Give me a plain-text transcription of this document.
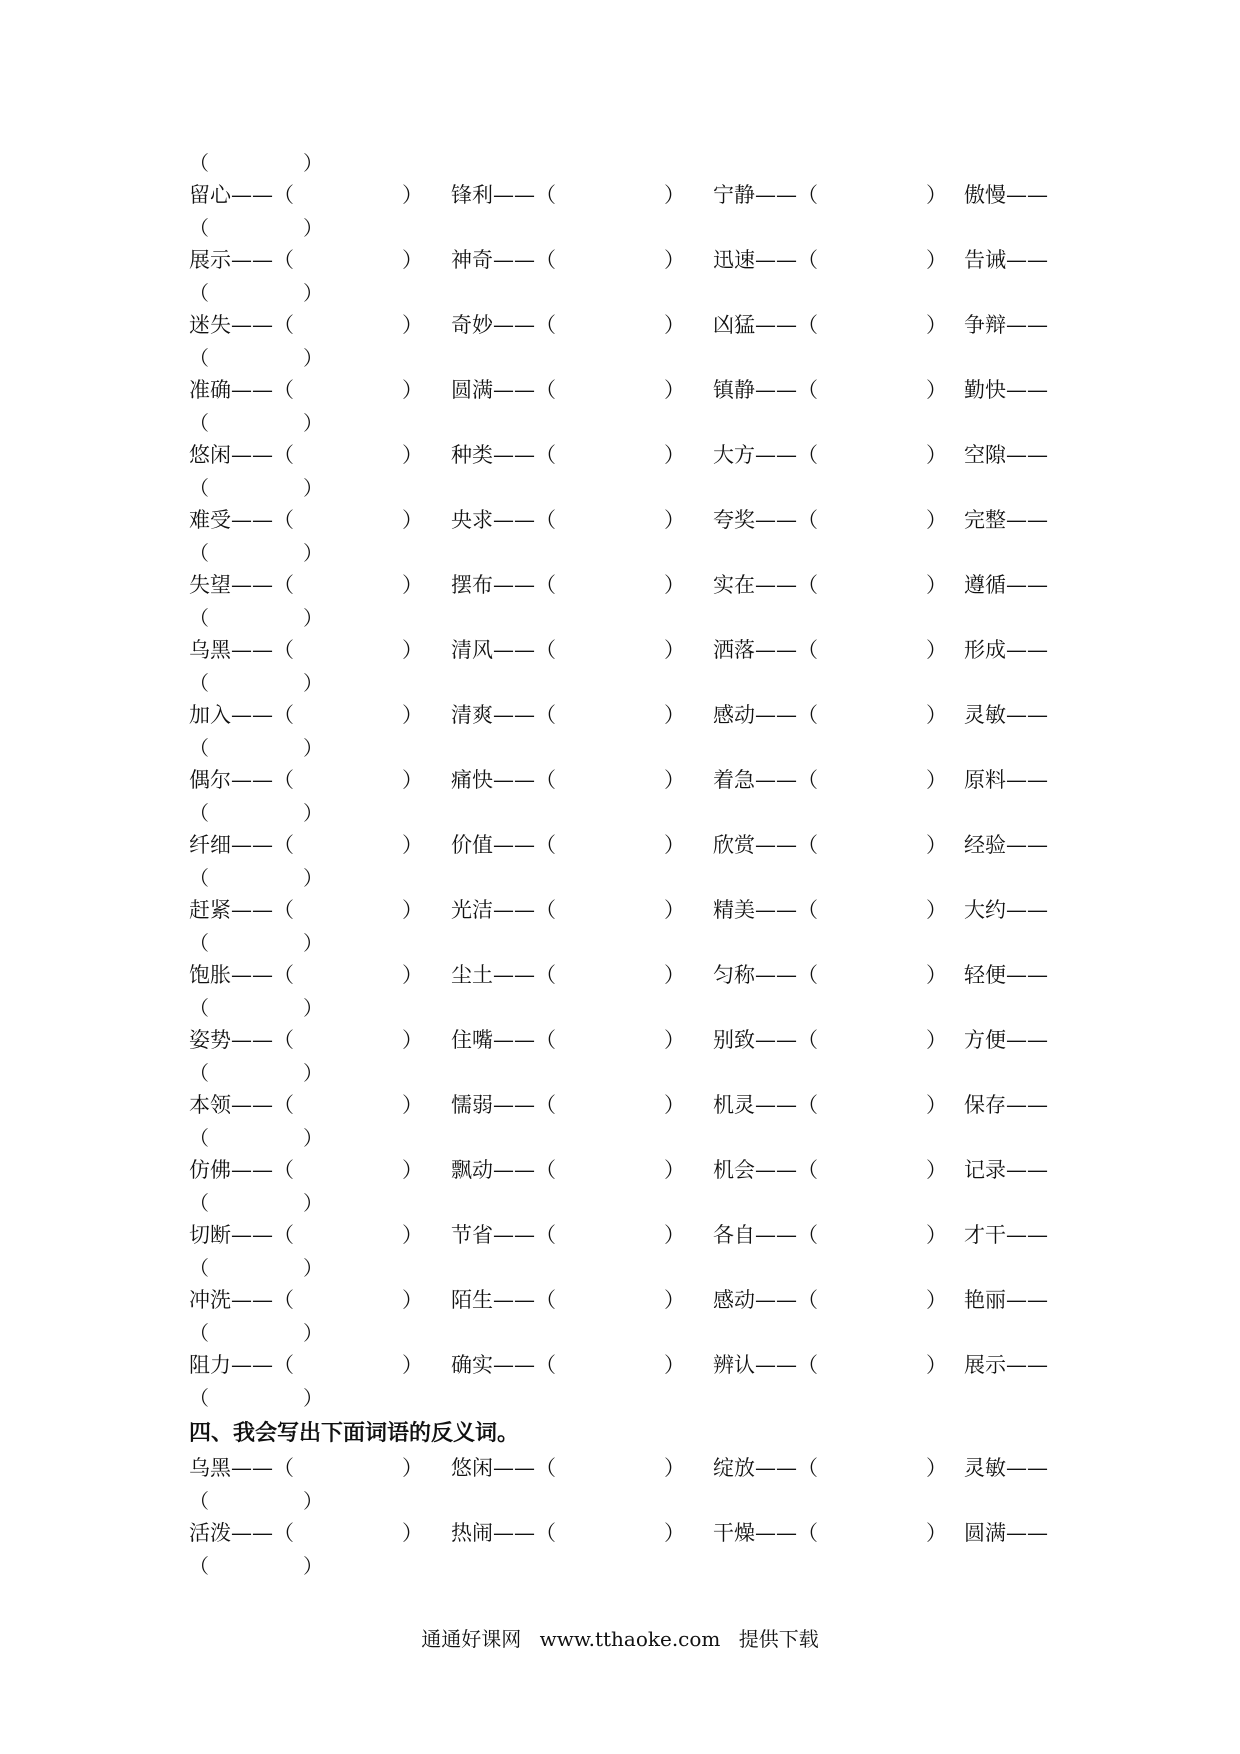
（	）
留心——（	） 锋利——（	） 宁静——（	） 傲慢——
（	）
展示——（	） 神奇——（	） 迅速——（	） 告诫——
（	）
迷失——（	） 奇妙——（	） 凶猛——（	） 争辩——
（	）
准确——（	） 圆满——（	） 镇静——（	） 勤快——
（	）
悠闲——（	） 种类——（	） 大方——（	） 空隙——
（	）
难受——（	） 央求——（	） 夸奖——（	） 完整——
（	）
失望——（	） 摆布——（	） 实在——（	） 遵循——
（	）
乌黑——（	） 清风——（	） 洒落——（	） 形成——
（	）
加入——（	） 清爽——（	） 感动——（	） 灵敏——
（	）
偶尔——（	） 痛快——（	） 着急——（	） 原料——
（	）
纤细——（	） 价值——（	） 欣赏——（	） 经验——
（	）
赶紧——（	） 光洁——（	） 精美——（	） 大约——
（	）
饱胀——（	） 尘土——（	） 匀称——（	） 轻便——
（	）
姿势——（	） 住嘴——（	） 别致——（	） 方便——
（	）
本领——（	） 懦弱——（	） 机灵——（	） 保存——
（	）
仿佛——（	） 飘动——（	） 机会——（	） 记录——
（	）
切断——（	） 节省——（	） 各自——（	） 才干——
（	）
冲洗——（	） 陌生——（	） 感动——（	） 艳丽——
（	）
阻力——（	） 确实——（	） 辨认——（	） 展示——
（	）
四、我会写出下面词语的反义词。
乌黑——（	） 悠闲——（	） 绽放——（	） 灵敏——
（	）
活泼——（	） 热闹——（	） 干燥——（	） 圆满——
（	）
通通好课网 www.tthaoke.com 提供下载
